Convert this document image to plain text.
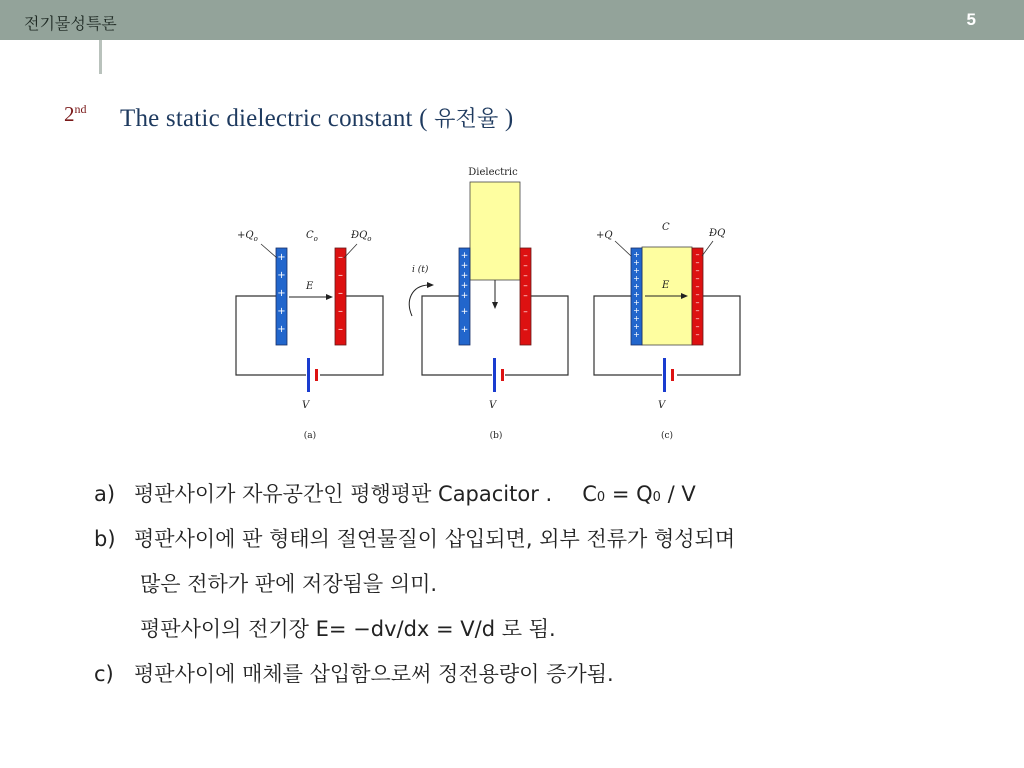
전기물성특론	5
2nd The static dielectric constant ( 유전율 )
+
+
+
+
+
–
–
–
–
–
$+Q_o$	$C_o$	$ÐQ_o$
E
V
(a)
Dielectric
+
+
+
+
+
+
+
–
–
–
–
–
–
–
i (t)
V
(b)
+
+
+
+
+
+
+
+
+
+
+
–
–
–
–
–
–
–
–
–
–
–
+Q
C
ÐQ
E
V
(c)
a) 평판사이가 자유공간인 평행평판 Capacitor . C0 = Q0 / V
b) 평판사이에 판 형태의 절연물질이 삽입되면, 외부 전류가 형성되며
많은 전하가 판에 저장됨을 의미.
평판사이의 전기장 E= −dv/dx = V/d 로 됨.
c) 평판사이에 매체를 삽입함으로써 정전용량이 증가됨.
